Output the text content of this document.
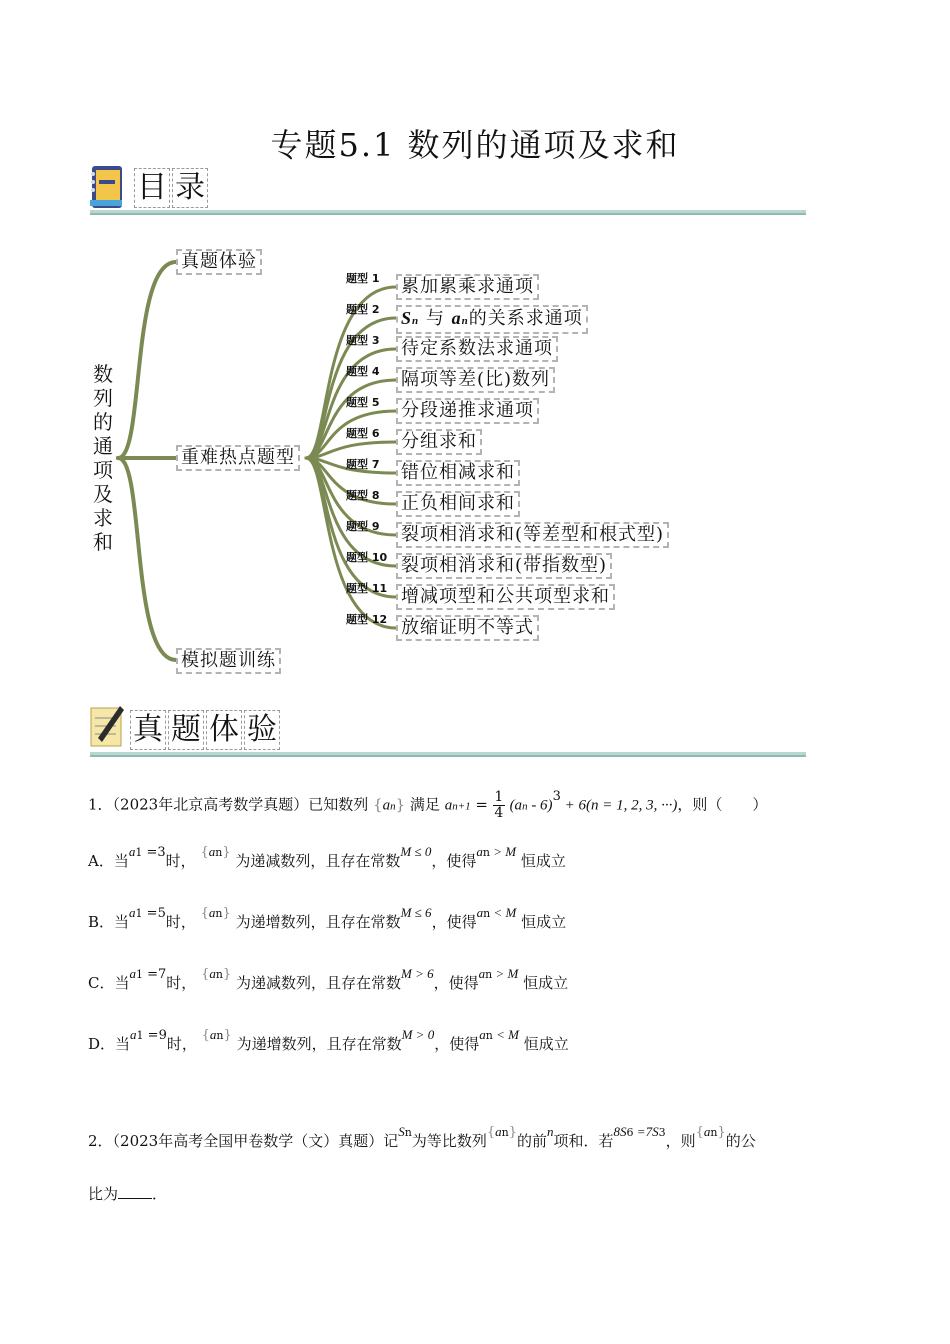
专题5.1 数列的通项及求和
目 录
数
列
的
通
项
及
求
和
真题体验
重难热点题型
模拟题训练
题型 1 累加累乘求通项
题型 2 Sn 与 an的关系求通项
题型 3 待定系数法求通项
题型 4 隔项等差(比)数列
题型 5 分段递推求通项
题型 6 分组求和
题型 7 错位相减求和
题型 8 正负相间求和
题型 9 裂项相消求和(等差型和根式型)
题型 10 裂项相消求和(带指数型)
题型 11 增减项型和公共项型求和
题型 12 放缩证明不等式
真 题 体 验
1．（2023年北京高考数学真题）已知数列 {an} 满足 $an+1 = \frac{1}{4} (an - 6)3 + 6(n = 1$, 2, 3, ···)，则（　　）
A．当a1 =3时， {an} 为递减数列，且存在常数M ≤ 0，使得an > M 恒成立
B．当a1 =5时， {an} 为递增数列，且存在常数M ≤ 6，使得an < M 恒成立
C．当a1 =7时， {an} 为递减数列，且存在常数M > 6，使得an > M 恒成立
D．当a1 =9时， {an} 为递增数列，且存在常数M > 0，使得an < M 恒成立
2．（2023年高考全国甲卷数学（文）真题）记Sn为等比数列{an}的前n项和．若8S6 =7S3，则{an}的公
比为 ．
